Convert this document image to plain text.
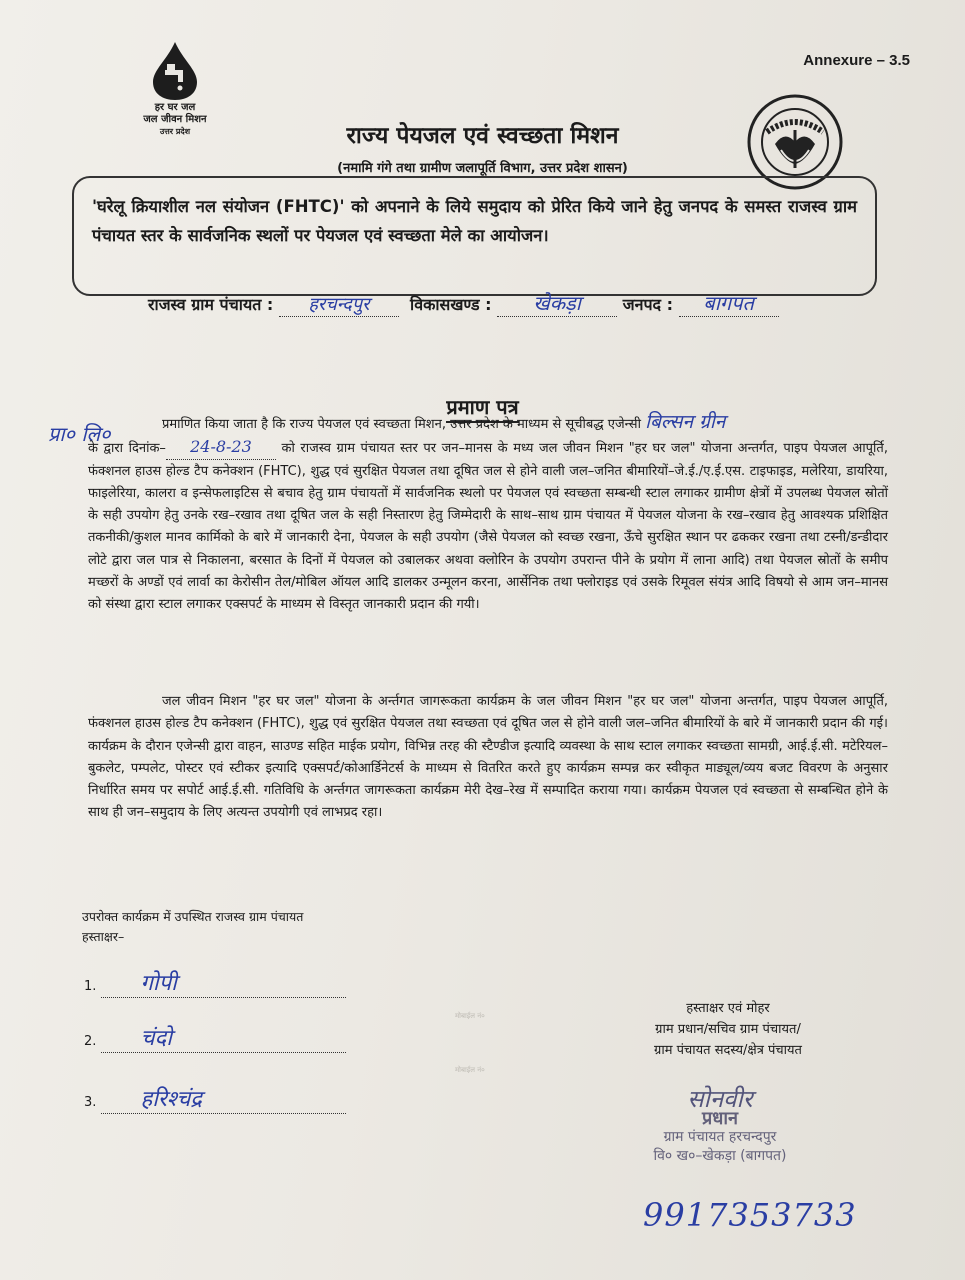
Annexure – 3.5
हर घर जल
जल जीवन मिशन
उत्तर प्रदेश	राज्य पेयजल एवं स्वच्छता मिशन
(नमामि गंगे तथा ग्रामीण जलापूर्ति विभाग, उत्तर प्रदेश शासन)
'घरेलू क्रियाशील नल संयोजन (FHTC)' को अपनाने के लिये समुदाय को प्रेरित किये जाने हेतु जनपद के समस्त राजस्व ग्राम पंचायत स्तर के सार्वजनिक स्थलों पर पेयजल एवं स्वच्छता मेले का आयोजन।
राजस्व ग्राम पंचायत : हरचन्दपुर	विकासखण्ड : खेकड़ा	जनपद : बागपत
प्रमाण पत्र
प्रा० लि०	प्रमाणित किया जाता है कि राज्य पेयजल एवं स्वच्छता मिशन, उत्तर प्रदेश के माध्यम से सूचीबद्ध एजेन्सी बिल्सन ग्रीन
के द्वारा दिनांक– 24-8-23 को राजस्व ग्राम पंचायत स्तर पर जन–मानस के मध्य जल जीवन मिशन "हर घर जल" योजना अन्तर्गत, पाइप पेयजल आपूर्ति, फंक्शनल हाउस होल्ड टैप कनेक्शन (FHTC), शुद्ध एवं सुरक्षित पेयजल तथा दूषित जल से होने वाली जल–जनित बीमारियों–जे.ई./ए.ई.एस. टाइफाइड, मलेरिया, डायरिया, फाइलेरिया, कालरा व इन्सेफलाइटिस से बचाव हेतु ग्राम पंचायतों में सार्वजनिक स्थलो पर पेयजल एवं स्वच्छता सम्बन्धी स्टाल लगाकर ग्रामीण क्षेत्रों में उपलब्ध पेयजल स्रोतों के सही उपयोग हेतु उनके रख–रखाव तथा दूषित जल के सही निस्तारण हेतु जिम्मेदारी के साथ–साथ ग्राम पंचायत में पेयजल योजना के रख–रखाव हेतु आवश्यक प्रशिक्षित तकनीकी/कुशल मानव कार्मिको के बारे में जानकारी देना, पेयजल के सही उपयोग (जैसे पेयजल को स्वच्छ रखना, ऊँचे सुरक्षित स्थान पर ढककर रखना तथा टस्नी/डन्डीदार लोटे द्वारा जल पात्र से निकालना, बरसात के दिनों में पेयजल को उबालकर अथवा क्लोरिन के उपयोग उपरान्त पीने के प्रयोग में लाना आदि) तथा पेयजल स्रोतों के समीप मच्छरों के अण्डों एवं लार्वा का केरोसीन तेल/मोबिल ऑयल आदि डालकर उन्मूलन करना, आर्सेनिक तथा फ्लोराइड एवं उसके रिमूवल संयंत्र आदि विषयो से आम जन–मानस को संस्था द्वारा स्टाल लगाकर एक्सपर्ट के माध्यम से विस्तृत जानकारी प्रदान की गयी।
जल जीवन मिशन "हर घर जल" योजना के अर्न्तगत जागरूकता कार्यक्रम के जल जीवन मिशन "हर घर जल" योजना अन्तर्गत, पाइप पेयजल आपूर्ति, फंक्शनल हाउस होल्ड टैप कनेक्शन (FHTC), शुद्ध एवं सुरक्षित पेयजल तथा स्वच्छता एवं दूषित जल से होने वाली जल–जनित बीमारियों के बारे में जानकारी प्रदान की गई। कार्यक्रम के दौरान एजेन्सी द्वारा वाहन, साउण्ड सहित माईक प्रयोग, विभिन्न तरह की स्टैण्डीज इत्यादि व्यवस्था के साथ स्टाल लगाकर स्वच्छता सामग्री, आई.ई.सी. मटेरियल–बुकलेट, पम्पलेट, पोस्टर एवं स्टीकर इत्यादि एक्सपर्ट/कोआर्डिनेटर्स के माध्यम से वितरित करते हुए कार्यक्रम सम्पन्न कर स्वीकृत माड्यूल/व्यय बजट विवरण के अनुसार निर्धारित समय पर सपोर्ट आई.ई.सी. गतिविधि के अर्न्तगत जागरूकता कार्यक्रम मेरी देख–रेख में सम्पादित कराया गया। कार्यक्रम पेयजल एवं स्वच्छता से सम्बन्धित होने के साथ ही जन–समुदाय के लिए अत्यन्त उपयोगी एवं लाभप्रद रहा।
उपरोक्त कार्यक्रम में उपस्थित राजस्व ग्राम पंचायत
हस्ताक्षर–
1. गोपी
2. चंदो
3. हरिश्चंद्र
मोबाईल नं०
मोबाईल नं०
हस्ताक्षर एवं मोहर
ग्राम प्रधान/सचिव ग्राम पंचायत/
ग्राम पंचायत सदस्य/क्षेत्र पंचायत
सोनवीर
प्रधान
ग्राम पंचायत हरचन्दपुर
वि० ख०–खेकड़ा (बागपत)
9917353733
